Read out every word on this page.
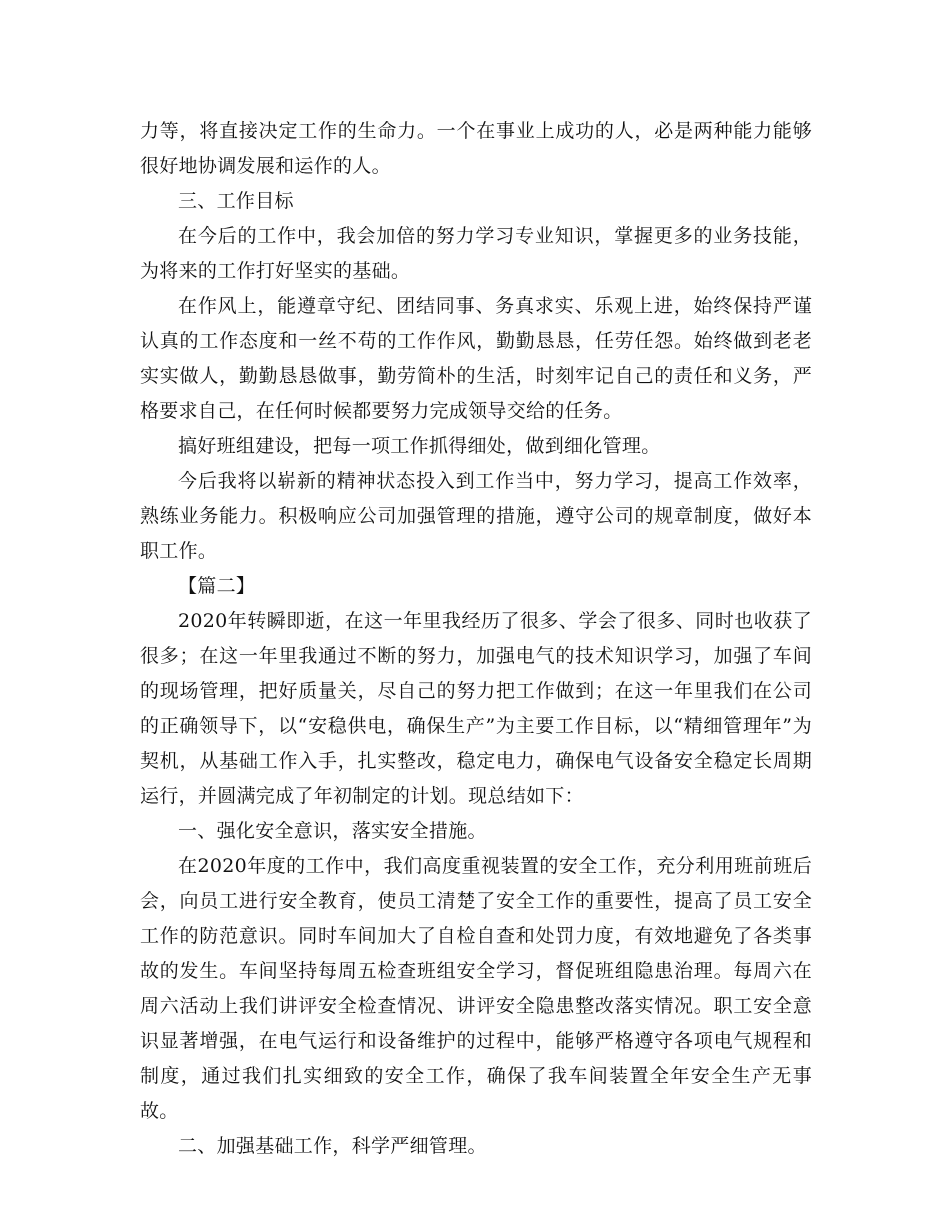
力等，将直接决定工作的生命力。一个在事业上成功的人，必是两种能力能够很好地协调发展和运作的人。

三、工作目标

在今后的工作中，我会加倍的努力学习专业知识，掌握更多的业务技能，为将来的工作打好坚实的基础。

在作风上，能遵章守纪、团结同事、务真求实、乐观上进，始终保持严谨认真的工作态度和一丝不苟的工作作风，勤勤恳恳，任劳任怨。始终做到老老实实做人，勤勤恳恳做事，勤劳简朴的生活，时刻牢记自己的责任和义务，严格要求自己，在任何时候都要努力完成领导交给的任务。

搞好班组建设，把每一项工作抓得细处，做到细化管理。

今后我将以崭新的精神状态投入到工作当中，努力学习，提高工作效率，熟练业务能力。积极响应公司加强管理的措施，遵守公司的规章制度，做好本职工作。

【篇二】

2020年转瞬即逝，在这一年里我经历了很多、学会了很多、同时也收获了很多；在这一年里我通过不断的努力，加强电气的技术知识学习，加强了车间的现场管理，把好质量关，尽自己的努力把工作做到；在这一年里我们在公司的正确领导下，以“安稳供电，确保生产”为主要工作目标，以“精细管理年”为契机，从基础工作入手，扎实整改，稳定电力，确保电气设备安全稳定长周期运行，并圆满完成了年初制定的计划。现总结如下：

一、强化安全意识，落实安全措施。

在2020年度的工作中，我们高度重视装置的安全工作，充分利用班前班后会，向员工进行安全教育，使员工清楚了安全工作的重要性，提高了员工安全工作的防范意识。同时车间加大了自检自查和处罚力度，有效地避免了各类事故的发生。车间坚持每周五检查班组安全学习，督促班组隐患治理。每周六在周六活动上我们讲评安全检查情况、讲评安全隐患整改落实情况。职工安全意识显著增强，在电气运行和设备维护的过程中，能够严格遵守各项电气规程和制度，通过我们扎实细致的安全工作，确保了我车间装置全年安全生产无事故。

二、加强基础工作，科学严细管理。
